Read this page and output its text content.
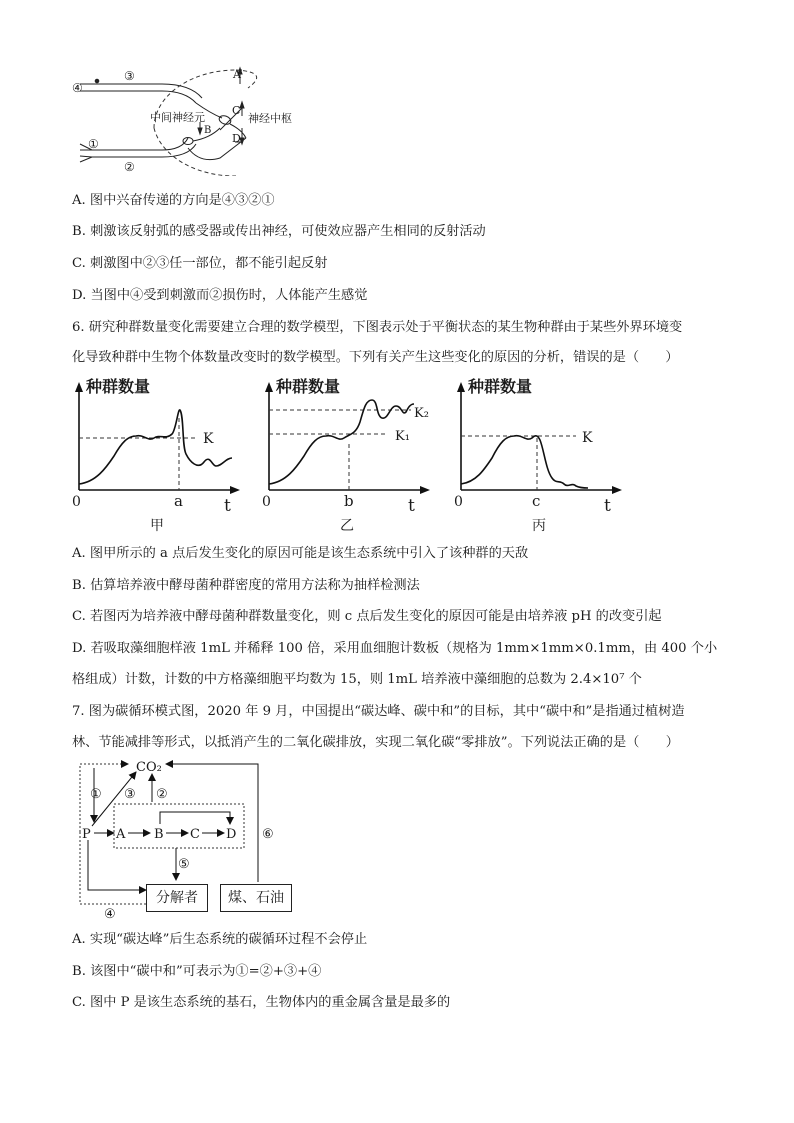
④
③
①
②
A
C
D
B
中间神经元	神经中枢
A. 图中兴奋传递的方向是④③②①
B. 刺激该反射弧的感受器或传出神经，可使效应器产生相同的反射活动
C. 刺激图中②③任一部位，都不能引起反射
D. 当图中④受到刺激而②损伤时，人体能产生感觉
6. 研究种群数量变化需要建立合理的数学模型，下图表示处于平衡状态的某生物种群由于某些外界环境变
化导致种群中生物个体数量改变时的数学模型。下列有关产生这些变化的原因的分析，错误的是（　　）
种群数量
K
0	a t
甲
种群数量
K₂
K₁
0	b	t
乙
种群数量
K
0	c	t
丙
A. 图甲所示的 a 点后发生变化的原因可能是该生态系统中引入了该种群的天敌
B. 估算培养液中酵母菌种群密度的常用方法称为抽样检测法
C. 若图丙为培养液中酵母菌种群数量变化，则 c 点后发生变化的原因可能是由培养液 pH 的改变引起
D. 若吸取藻细胞样液 1mL 并稀释 100 倍，采用血细胞计数板（规格为 1mm×1mm×0.1mm，由 400 个小
格组成）计数，计数的中方格藻细胞平均数为 15，则 1mL 培养液中藻细胞的总数为 2.4×10⁷ 个
7. 图为碳循环模式图，2020 年 9 月，中国提出“碳达峰、碳中和”的目标，其中“碳中和”是指通过植树造
林、节能减排等形式，以抵消产生的二氧化碳排放，实现二氧化碳“零排放”。下列说法正确的是（　　）
CO₂
P A B C D
① ③ ②
④
⑤
⑥
分解者	煤、石油
A. 实现“碳达峰”后生态系统的碳循环过程不会停止
B. 该图中“碳中和”可表示为①=②+③+④
C. 图中 P 是该生态系统的基石，生物体内的重金属含量是最多的
